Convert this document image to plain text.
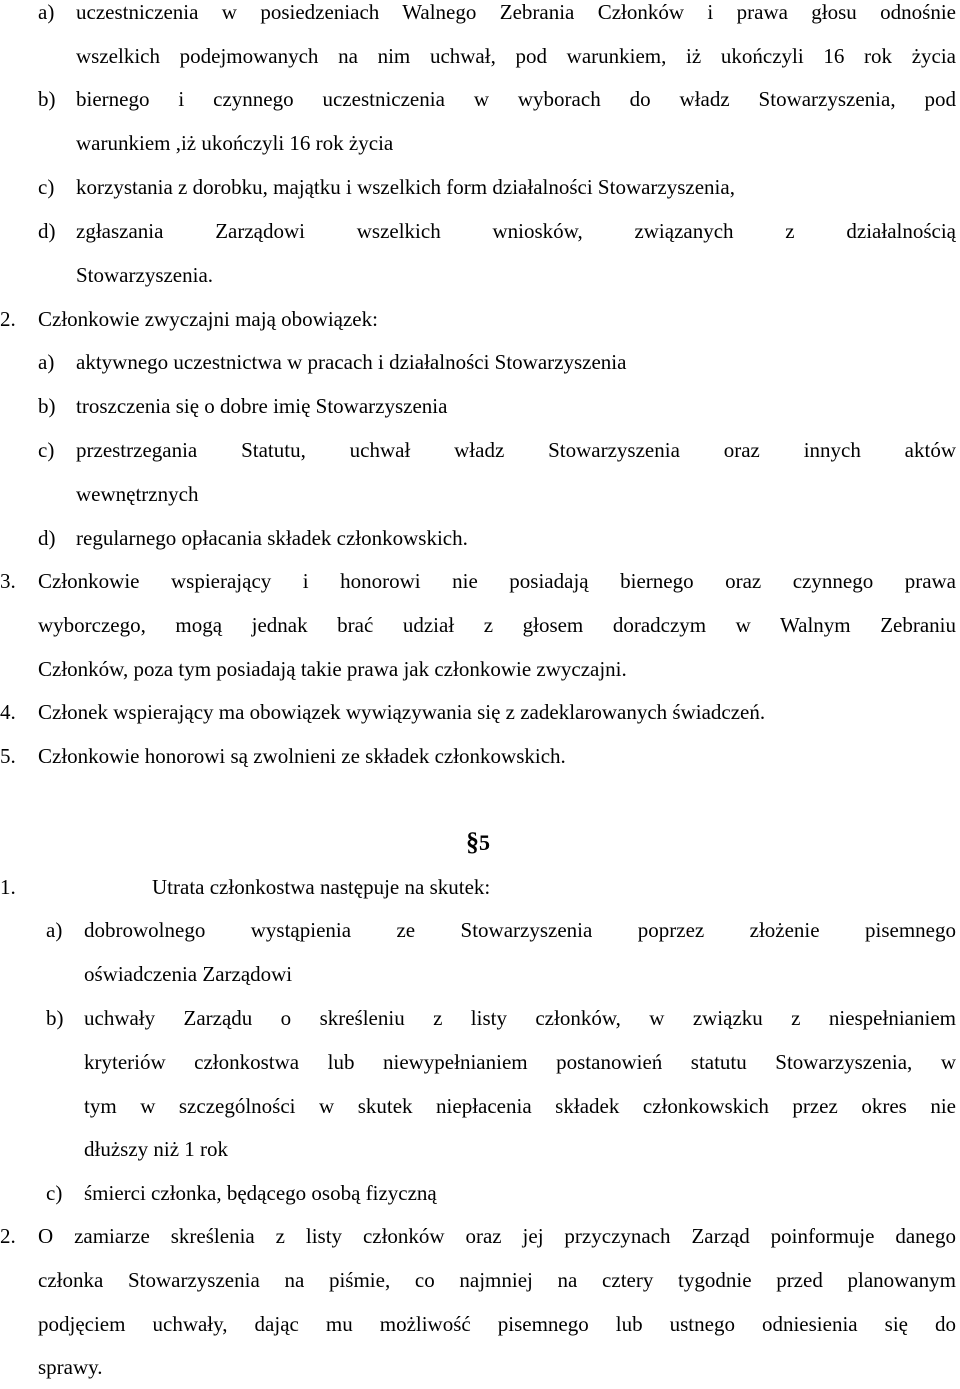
a) uczestniczenia w posiedzeniach Walnego Zebrania Członków i prawa głosu odnośnie
wszelkich podejmowanych na nim uchwał, pod warunkiem, iż ukończyli 16 rok życia
b) biernego i czynnego uczestniczenia w wyborach do władz Stowarzyszenia, pod
warunkiem ,iż ukończyli 16 rok życia
c) korzystania z dorobku, majątku i wszelkich form działalności Stowarzyszenia,
d) zgłaszania Zarządowi wszelkich wniosków, związanych z działalnością
Stowarzyszenia.
2. Członkowie zwyczajni mają obowiązek:
a) aktywnego uczestnictwa w pracach i działalności Stowarzyszenia
b) troszczenia się o dobre imię Stowarzyszenia
c) przestrzegania Statutu, uchwał władz Stowarzyszenia oraz innych aktów
wewnętrznych
d) regularnego opłacania składek członkowskich.
3. Członkowie wspierający i honorowi nie posiadają biernego oraz czynnego prawa
wyborczego, mogą jednak brać udział z głosem doradczym w Walnym Zebraniu
Członków, poza tym posiadają takie prawa jak członkowie zwyczajni.
4. Członek wspierający ma obowiązek wywiązywania się z zadeklarowanych świadczeń.
5. Członkowie honorowi są zwolnieni ze składek członkowskich.
§5
1.	Utrata członkostwa następuje na skutek:
a) dobrowolnego wystąpienia ze Stowarzyszenia poprzez złożenie pisemnego
oświadczenia Zarządowi
b) uchwały Zarządu o skreśleniu z listy członków, w związku z niespełnianiem
kryteriów członkostwa lub niewypełnianiem postanowień statutu Stowarzyszenia, w
tym w szczególności w skutek niepłacenia składek członkowskich przez okres nie
dłuższy niż 1 rok
c) śmierci członka, będącego osobą fizyczną
2. O zamiarze skreślenia z listy członków oraz jej przyczynach Zarząd poinformuje danego
członka Stowarzyszenia na piśmie, co najmniej na cztery tygodnie przed planowanym
podjęciem uchwały, dając mu możliwość pisemnego lub ustnego odniesienia się do
sprawy.
